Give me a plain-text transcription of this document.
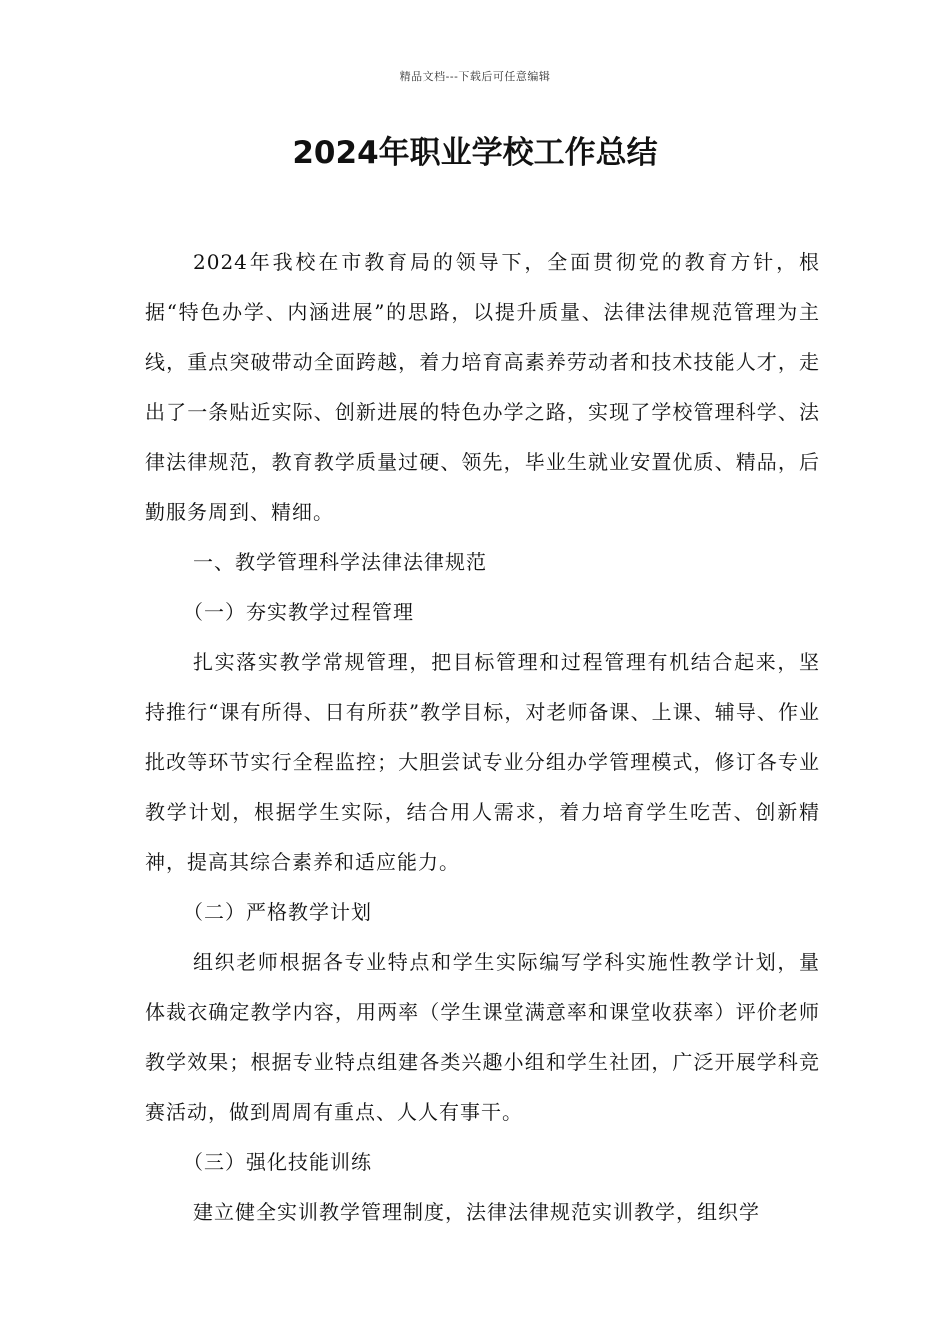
精品文档---下载后可任意编辑
2024年职业学校工作总结

2024年我校在市教育局的领导下，全面贯彻党的教育方针，根据“特色办学、内涵进展”的思路，以提升质量、法律法律规范管理为主线，重点突破带动全面跨越，着力培育高素养劳动者和技术技能人才，走出了一条贴近实际、创新进展的特色办学之路，实现了学校管理科学、法律法律规范，教育教学质量过硬、领先，毕业生就业安置优质、精品，后勤服务周到、精细。

一、教学管理科学法律法律规范

（一）夯实教学过程管理

扎实落实教学常规管理，把目标管理和过程管理有机结合起来，坚持推行“课有所得、日有所获”教学目标，对老师备课、上课、辅导、作业批改等环节实行全程监控；大胆尝试专业分组办学管理模式，修订各专业教学计划，根据学生实际，结合用人需求，着力培育学生吃苦、创新精神，提高其综合素养和适应能力。

（二）严格教学计划

组织老师根据各专业特点和学生实际编写学科实施性教学计划，量体裁衣确定教学内容，用两率（学生课堂满意率和课堂收获率）评价老师教学效果；根据专业特点组建各类兴趣小组和学生社团，广泛开展学科竞赛活动，做到周周有重点、人人有事干。

（三）强化技能训练

建立健全实训教学管理制度，法律法律规范实训教学，组织学
